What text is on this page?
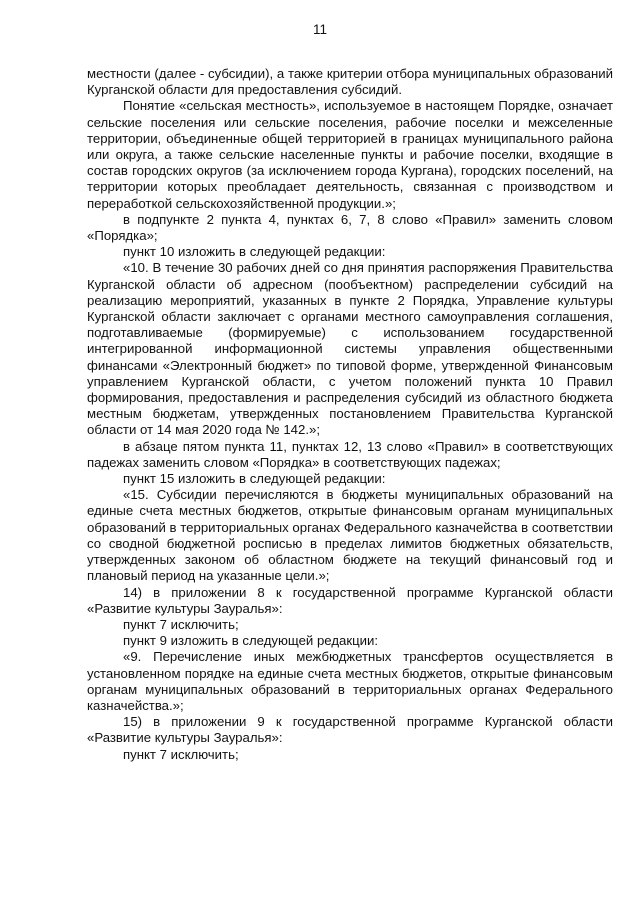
11

местности (далее - субсидии), а также критерии отбора муниципальных образований Курганской области для предоставления субсидий.

Понятие «сельская местность», используемое в настоящем Порядке, означает сельские поселения или сельские поселения, рабочие поселки и межселенные территории, объединенные общей территорией в границах муниципального района или округа, а также сельские населенные пункты и рабочие поселки, входящие в состав городских округов (за исключением города Кургана), городских поселений, на территории которых преобладает деятельность, связанная с производством и переработкой сельскохозяйственной продукции.»;

в подпункте 2 пункта 4, пунктах 6, 7, 8 слово «Правил» заменить словом «Порядка»;

пункт 10 изложить в следующей редакции:

«10. В течение 30 рабочих дней со дня принятия распоряжения Правительства Курганской области об адресном (пообъектном) распределении субсидий на реализацию мероприятий, указанных в пункте 2 Порядка, Управление культуры Курганской области заключает с органами местного самоуправления соглашения, подготавливаемые (формируемые) с использованием государственной интегрированной информационной системы управления общественными финансами «Электронный бюджет» по типовой форме, утвержденной Финансовым управлением Курганской области, с учетом положений пункта 10 Правил формирования, предоставления и распределения субсидий из областного бюджета местным бюджетам, утвержденных постановлением Правительства Курганской области от 14 мая 2020 года № 142.»;

в абзаце пятом пункта 11, пунктах 12, 13 слово «Правил» в соответствующих падежах заменить словом «Порядка» в соответствующих падежах;

пункт 15 изложить в следующей редакции:

«15. Субсидии перечисляются в бюджеты муниципальных образований на единые счета местных бюджетов, открытые финансовым органам муниципальных образований в территориальных органах Федерального казначейства в соответствии со сводной бюджетной росписью в пределах лимитов бюджетных обязательств, утвержденных законом об областном бюджете на текущий финансовый год и плановый период на указанные цели.»;

14) в приложении 8 к государственной программе Курганской области «Развитие культуры Зауралья»:

пункт 7 исключить;

пункт 9 изложить в следующей редакции:

«9. Перечисление иных межбюджетных трансфертов осуществляется в установленном порядке на единые счета местных бюджетов, открытые финансовым органам муниципальных образований в территориальных органах Федерального казначейства.»;

15) в приложении 9 к государственной программе Курганской области «Развитие культуры Зауралья»:

пункт 7 исключить;
